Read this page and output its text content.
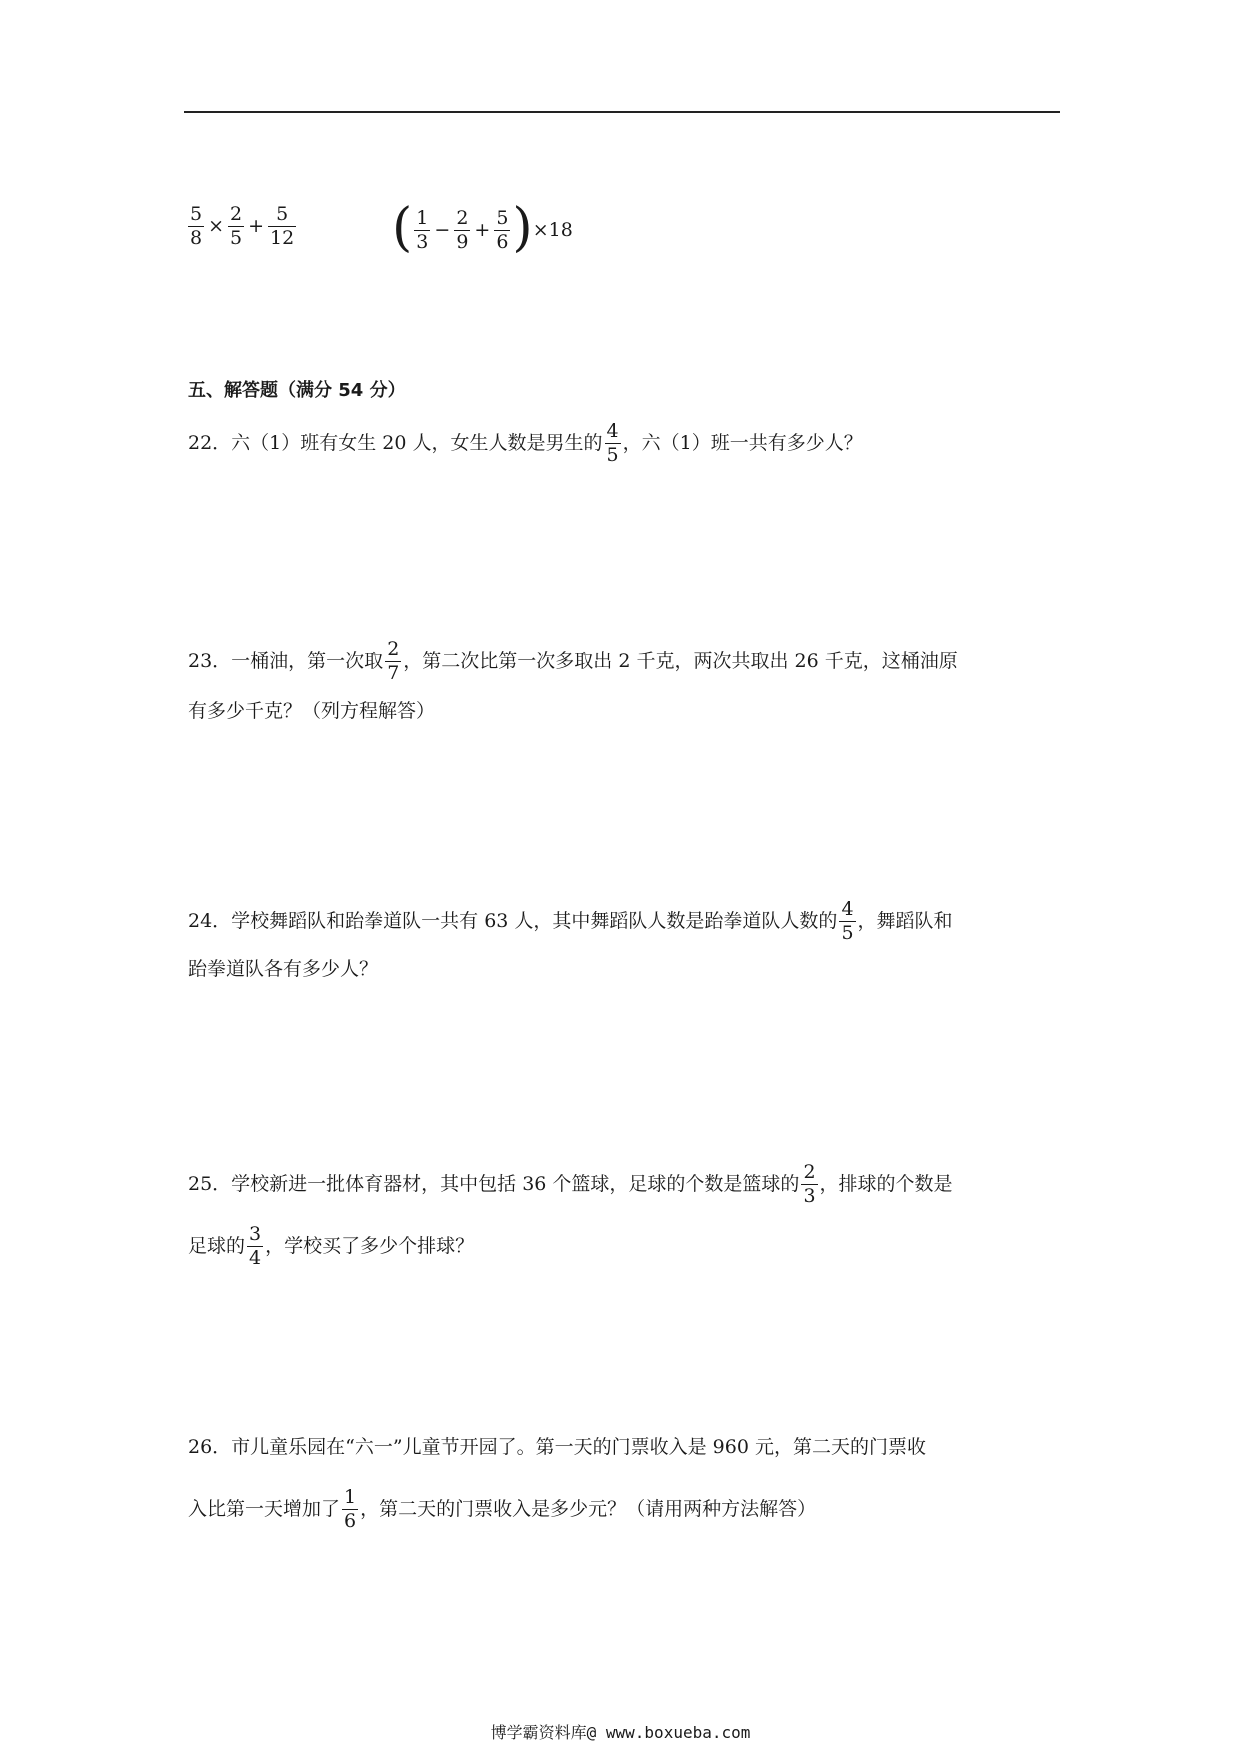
$\frac{5}{8} \times \frac{2}{5} + \frac{5}{12}$ ( $\frac{1}{3} - \frac{2}{9} + \frac{5}{6} )\times 18$
五、解答题（满分 54 分）
22．六（1）班有女生 20 人，女生人数是男生的 $\frac{4}{5}$ ，六（1）班一共有多少人？
23．一桶油，第一次取 $\frac{2}{7}$ ，第二次比第一次多取出 2 千克，两次共取出 26 千克，这桶油原
有多少千克？（列方程解答）
24．学校舞蹈队和跆拳道队一共有 63 人，其中舞蹈队人数是跆拳道队人数的 $\frac{4}{5}$ ，舞蹈队和
跆拳道队各有多少人？
25．学校新进一批体育器材，其中包括 36 个篮球，足球的个数是篮球的 $\frac{2}{3}$ ，排球的个数是
足球的 $\frac{3}{4}$ ，学校买了多少个排球？
26．市儿童乐园在“六一”儿童节开园了。第一天的门票收入是 960 元，第二天的门票收
入比第一天增加了 $\frac{1}{6}$ ，第二天的门票收入是多少元？（请用两种方法解答）
博学霸资料库@ www.boxueba.com
